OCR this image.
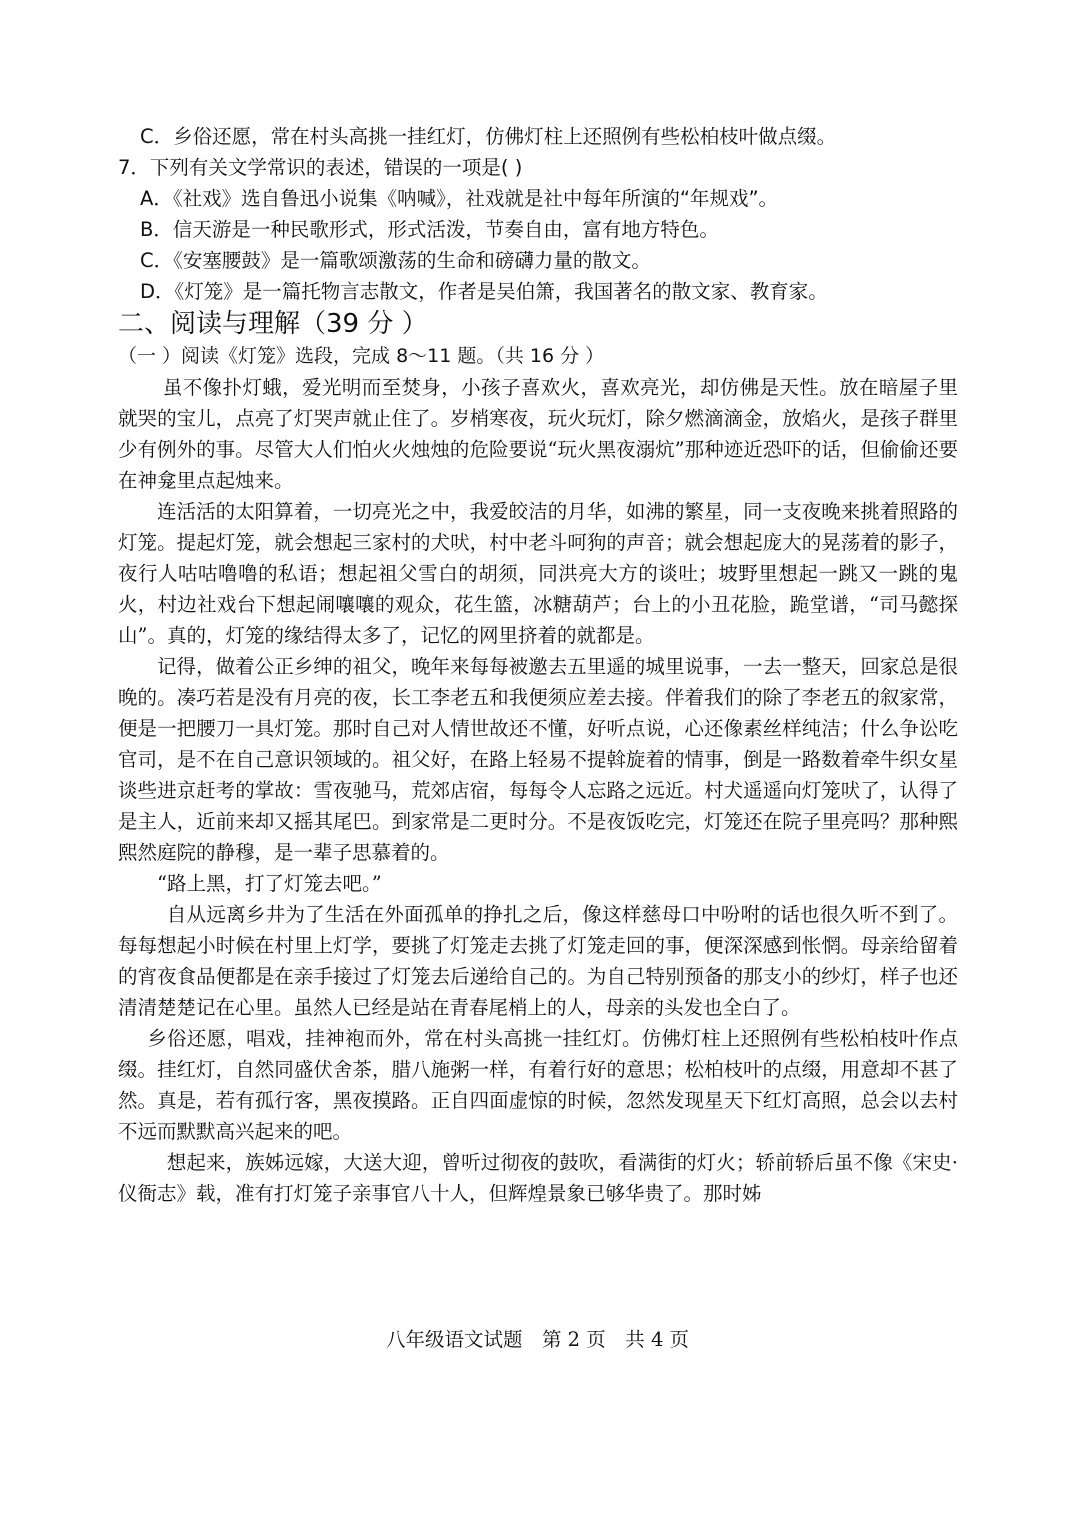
C．乡俗还愿，常在村头高挑一挂红灯，仿佛灯柱上还照例有些松柏枝叶做点缀。
7．下列有关文学常识的表述，错误的一项是( )
A．《社戏》选自鲁迅小说集《呐喊》，社戏就是社中每年所演的“年规戏”。
B．信天游是一种民歌形式，形式活泼，节奏自由，富有地方特色。
C．《安塞腰鼓》是一篇歌颂激荡的生命和磅礴力量的散文。
D．《灯笼》是一篇托物言志散文，作者是吴伯箫，我国著名的散文家、教育家。
二、阅读与理解（39 分 ）
（一 ）阅读《灯笼》选段，完成 8～11 题。（共 16 分 ）

虽不像扑灯蛾，爱光明而至焚身，小孩子喜欢火，喜欢亮光，却仿佛是天性。放在暗屋子里就哭的宝儿，点亮了灯哭声就止住了。岁梢寒夜，玩火玩灯，除夕燃滴滴金，放焰火，是孩子群里少有例外的事。尽管大人们怕火火烛烛的危险要说“玩火黑夜溺炕”那种迹近恐吓的话，但偷偷还要在神龛里点起烛来。

连活活的太阳算着，一切亮光之中，我爱皎洁的月华，如沸的繁星，同一支夜晚来挑着照路的灯笼。提起灯笼，就会想起三家村的犬吠，村中老斗呵狗的声音；就会想起庞大的晃荡着的影子，夜行人咕咕噜噜的私语；想起祖父雪白的胡须，同洪亮大方的谈吐；坡野里想起一跳又一跳的鬼火，村边社戏台下想起闹嚷嚷的观众，花生篮，冰糖葫芦；台上的小丑花脸，跪堂谱，“司马懿探山”。真的，灯笼的缘结得太多了，记忆的网里挤着的就都是。

记得，做着公正乡绅的祖父，晚年来每每被邀去五里遥的城里说事，一去一整天，回家总是很晚的。凑巧若是没有月亮的夜，长工李老五和我便须应差去接。伴着我们的除了李老五的叙家常，便是一把腰刀一具灯笼。那时自己对人情世故还不懂，好听点说，心还像素丝样纯洁；什么争讼吃官司，是不在自己意识领域的。祖父好，在路上轻易不提斡旋着的情事，倒是一路数着牵牛织女星谈些进京赶考的掌故：雪夜驰马，荒郊店宿，每每令人忘路之远近。村犬遥遥向灯笼吠了，认得了是主人，近前来却又摇其尾巴。到家常是二更时分。不是夜饭吃完，灯笼还在院子里亮吗？那种熙熙然庭院的静穆，是一辈子思慕着的。

“路上黑，打了灯笼去吧。”

自从远离乡井为了生活在外面孤单的挣扎之后，像这样慈母口中吩咐的话也很久听不到了。每每想起小时候在村里上灯学，要挑了灯笼走去挑了灯笼走回的事，便深深感到怅惘。母亲给留着的宵夜食品便都是在亲手接过了灯笼去后递给自己的。为自己特别预备的那支小的纱灯，样子也还清清楚楚记在心里。虽然人已经是站在青春尾梢上的人，母亲的头发也全白了。

乡俗还愿，唱戏，挂神袍而外，常在村头高挑一挂红灯。仿佛灯柱上还照例有些松柏枝叶作点缀。挂红灯，自然同盛伏舍茶，腊八施粥一样，有着行好的意思；松柏枝叶的点缀，用意却不甚了然。真是，若有孤行客，黑夜摸路。正自四面虚惊的时候，忽然发现星天下红灯高照，总会以去村不远而默默高兴起来的吧。

想起来，族姊远嫁，大送大迎，曾听过彻夜的鼓吹，看满街的灯火；轿前轿后虽不像《宋史·仪衙志》载，准有打灯笼子亲事官八十人，但辉煌景象已够华贵了。那时姊

八年级语文试题　第 2 页　共 4 页
